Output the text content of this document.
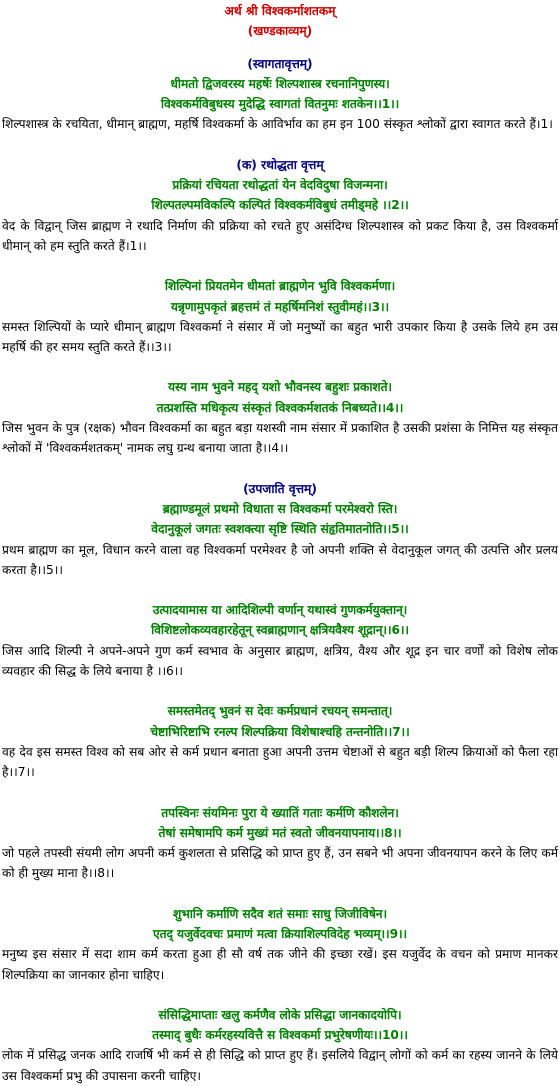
अर्थ श्री विश्वकर्माशतकम्
(खण्डकाव्यम्)
(स्वागतावृत्तम्)
धीमतो द्विजवरस्य महर्षेः शिल्पशास्त्र रचनानिपुणस्य।
विश्वकर्मविबुधस्य मुदेद्धि स्वागतां वितनुमः शतकेन।।1।।
शिल्पशास्त्र के रचयिता, धीमान् ब्राह्मण, महर्षि विश्वकर्मा के आविर्भाव का हम इन 100 संस्कृत श्लोकों द्वारा स्वागत करते हैं।1।
(क) रथोद्धता वृत्तम्
प्रक्रियां रचियता रथोद्धतां येन वेदविदुषा विजन्मना।
शिल्पतल्पमविकल्पि कल्पितं विश्वकर्मविबुधं तमीड्महे ।।2।।
वेद के विद्वान् जिस ब्राह्मण ने रथादि निर्माण की प्रक्रिया को रचते हुए असंदिग्ध शिल्पशास्त्र को प्रकट किया है, उस विश्वकर्मा धीमान् को हम स्तुति करते हैं।1।।
शिल्पिनां प्रियतमेन धीमतां ब्राह्मणेन भुवि विश्वकर्मणा।
यन्नृणामुपकृतं ब्रहत्तमं तं महर्षिमनिशं स्तुवीमहं।।3।।
समस्त शिल्पियों के प्यारे धीमान् ब्राह्मण विश्वकर्मा ने संसार में जो मनुष्यों का बहुत भारी उपकार किया है उसके लिये हम उस महर्षि की हर समय स्तुति करते हैं।।3।।
यस्य नाम भुवने महद् यशो भौवनस्य बहुशः प्रकाशते।
तत्प्रशस्ति मधिकृत्य संस्कृतं विश्वकर्मशतकं निबध्यते।।4।।
जिस भुवन के पुत्र (रक्षक) भौवन विश्वकर्मा का बहुत बड़ा यशस्वी नाम संसार में प्रकाशित है उसकी प्रशंसा के निमित्त यह संस्कृत श्लोकों में 'विश्वकर्मशतकम्' नामक लघु ग्रन्थ बनाया जाता है।।4।।
(उपजाति वृत्तम्)
ब्रह्माण्डमूलं प्रथमो विधाता स विश्वकर्मा परमेश्वरो स्ति।
वेदानुकूलं जगतः स्वशक्त्या सृष्टि स्थिति संहृतिमातनोति।।5।।
प्रथम ब्राह्मण का मूल, विधान करने वाला वह विश्वकर्मा परमेश्वर है जो अपनी शक्ति से वेदानुकूल जगत् की उत्पत्ति और प्रलय करता है।।5।।
उत्पादयामास या आदिशिल्पी वर्णान् यथास्वं गुणकर्मयुक्तान्।
विशिष्टलोकव्यवहारहेतून् स्वब्राह्मणान् क्षत्रियवैश्य शूद्रान्।।6।।
जिस आदि शिल्पी ने अपने-अपने गुण कर्म स्वभाव के अनुसार ब्राह्मण, क्षत्रिय, वैश्य और शूद्र इन चार वर्णों को विशेष लोक व्यवहार की सिद्ध के लिये बनाया है ।।6।।
समस्तमेतद् भुवनं स देवः कर्मप्रधानं रचयन् समन्तात्।
चेष्टाभिरिष्टाभि रनल्प शिल्पक्रिया विशेषाश्चहि तन्तनोति।।7।।
वह देव इस समस्त विश्व को सब ओर से कर्म प्रधान बनाता हुआ अपनी उत्तम चेष्टाओं से बहुत बड़ी शिल्प क्रियाओं को फैला रहा है।।7।।
तपस्विनः संयमिनः पुरा ये ख्यातिं गताः कर्मणि कौशलेन।
तेषां समेषामपि कर्म मुख्यं मतं स्वतो जीवनयापनाय।।8।।
जो पहले तपस्वी संयमी लोग अपनी कर्म कुशलता से प्रसिद्धि को प्राप्त हुए हैं, उन सबने भी अपना जीवनयापन करने के लिए कर्म को ही मुख्य माना है।।8।।
शुभानि कर्माणि सदैव शतं समाः साधु जिजीविषेन।
एतद् यजुर्वेदवचः प्रमाणं मत्वा क्रियाशिल्पविदेह भव्यम्।।9।।
मनुष्य इस संसार में सदा शाम कर्म करता हुआ ही सौ वर्ष तक जीने की इच्छा रखें। इस यजुर्वेद के वचन को प्रमाण मानकर शिल्पक्रिया का जानकार होना चाहिए।
संसिद्धिमाप्ताः खलु कर्मणैव लोके प्रसिद्धा जानकादयोपि।
तस्माद् बुधैः कर्मरहस्यवित्तै स विश्वकर्मा प्रभुरेषणीयः।।10।।
लोक में प्रसिद्ध जनक आदि राजर्षि भी कर्म से ही सिद्धि को प्राप्त हुए हैं। इसलिये विद्वान् लोगों को कर्म का रहस्य जानने के लिये उस विश्वकर्मा प्रभु की उपासना करनी चाहिए।
